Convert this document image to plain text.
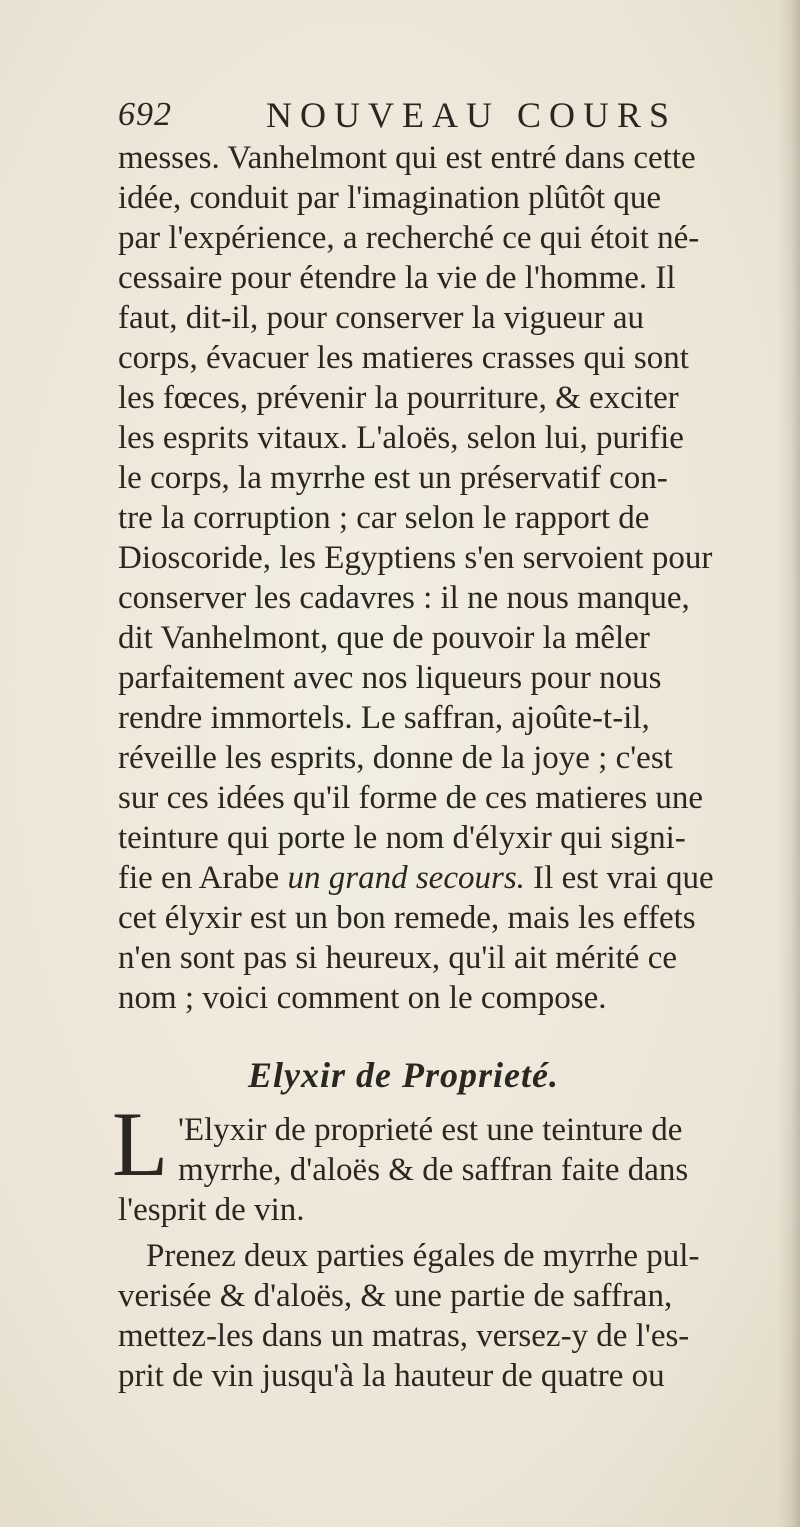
692	NOUVEAU COURS
messes. Vanhelmont qui est entré dans cette
idée, conduit par l'imagination plûtôt que
par l'expérience, a recherché ce qui étoit né-
cessaire pour étendre la vie de l'homme. Il
faut, dit-il, pour conserver la vigueur au
corps, évacuer les matieres crasses qui sont
les fœces, prévenir la pourriture, & exciter
les esprits vitaux. L'aloës, selon lui, purifie
le corps, la myrrhe est un préservatif con-
tre la corruption ; car selon le rapport de
Dioscoride, les Egyptiens s'en servoient pour
conserver les cadavres : il ne nous manque,
dit Vanhelmont, que de pouvoir la mêler
parfaitement avec nos liqueurs pour nous
rendre immortels. Le saffran, ajoûte-t-il,
réveille les esprits, donne de la joye ; c'est
sur ces idées qu'il forme de ces matieres une
teinture qui porte le nom d'élyxir qui signi-
fie en Arabe un grand secours. Il est vrai que
cet élyxir est un bon remede, mais les effets
n'en sont pas si heureux, qu'il ait mérité ce
nom ; voici comment on le compose.
Elyxir de Proprieté.
L 'Elyxir de proprieté est une teinture de
myrrhe, d'aloës & de saffran faite dans
l'esprit de vin.
Prenez deux parties égales de myrrhe pul-
verisée & d'aloës, & une partie de saffran,
mettez-les dans un matras, versez-y de l'es-
prit de vin jusqu'à la hauteur de quatre ou
